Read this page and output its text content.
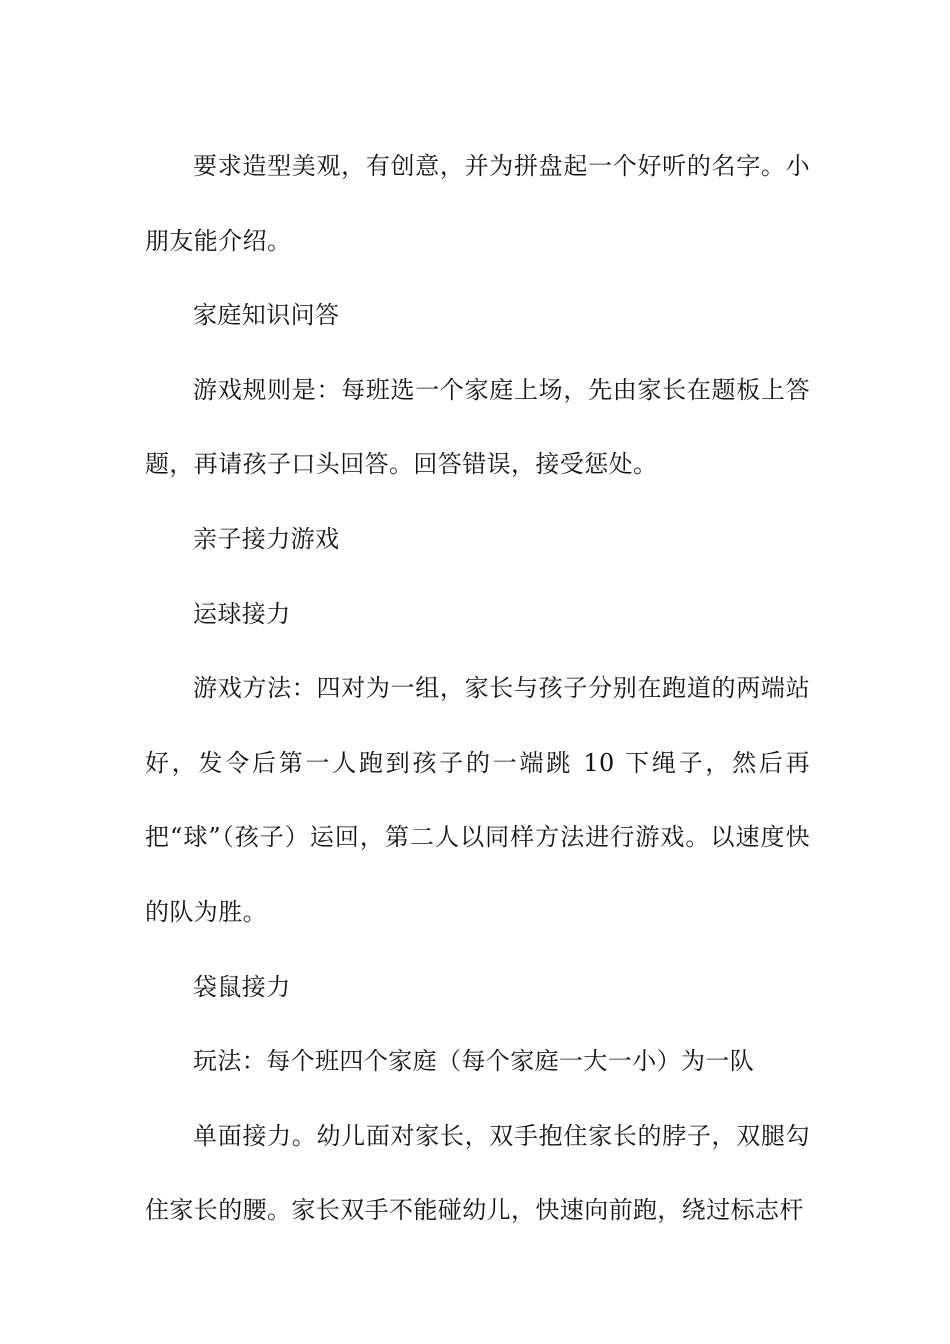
要求造型美观，有创意，并为拼盘起一个好听的名字。小朋友能介绍。

家庭知识问答

游戏规则是：每班选一个家庭上场，先由家长在题板上答题，再请孩子口头回答。回答错误，接受惩处。

亲子接力游戏

运球接力

游戏方法：四对为一组，家长与孩子分别在跑道的两端站好，发令后第一人跑到孩子的一端跳 10 下绳子，然后再把“球”（孩子）运回，第二人以同样方法进行游戏。以速度快的队为胜。

袋鼠接力

玩法：每个班四个家庭（每个家庭一大一小）为一队

单面接力。幼儿面对家长，双手抱住家长的脖子，双腿勾住家长的腰。家长双手不能碰幼儿，快速向前跑，绕过标志杆
